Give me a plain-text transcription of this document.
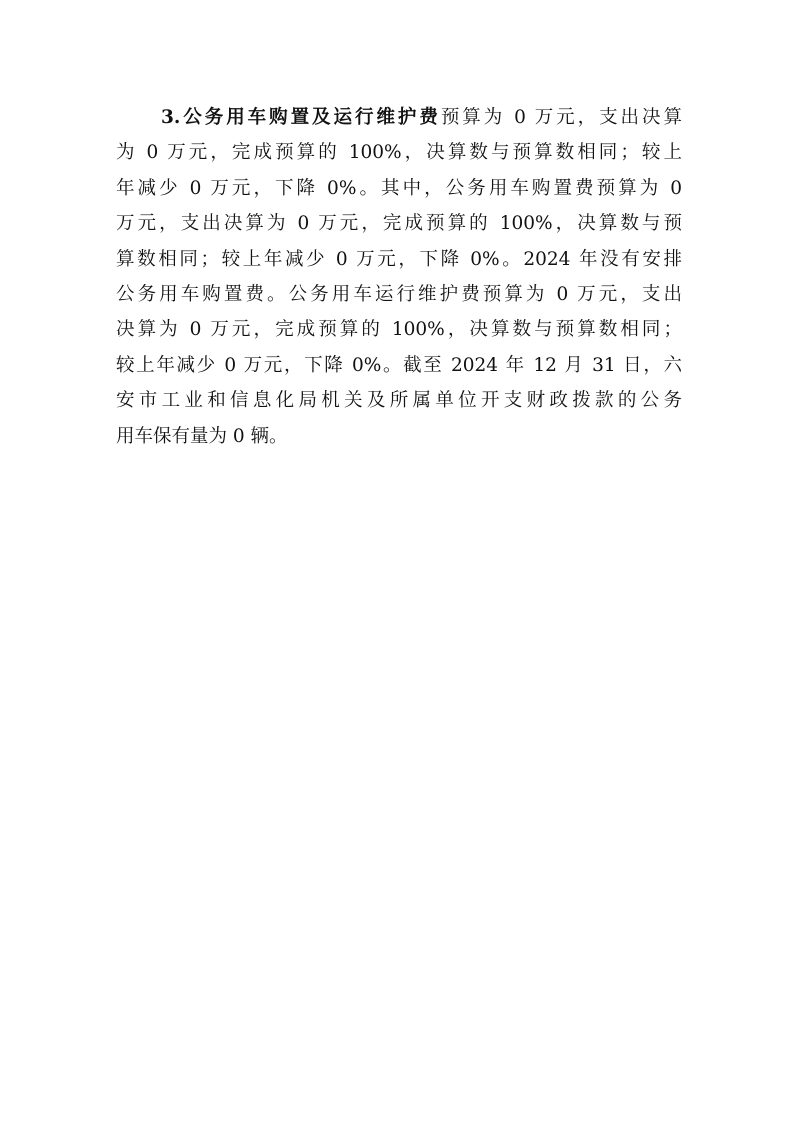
3.公务用车购置及运行维护费预算为 0 万元，支出决算
为 0 万元，完成预算的 100%，决算数与预算数相同；较上
年减少 0 万元，下降 0%。其中，公务用车购置费预算为 0
万元，支出决算为 0 万元，完成预算的 100%，决算数与预
算数相同；较上年减少 0 万元，下降 0%。2024 年没有安排
公务用车购置费。公务用车运行维护费预算为 0 万元，支出
决算为 0 万元，完成预算的 100%，决算数与预算数相同；
较上年减少 0 万元，下降 0%。截至 2024 年 12 月 31 日，六
安市工业和信息化局机关及所属单位开支财政拨款的公务
用车保有量为 0 辆。
